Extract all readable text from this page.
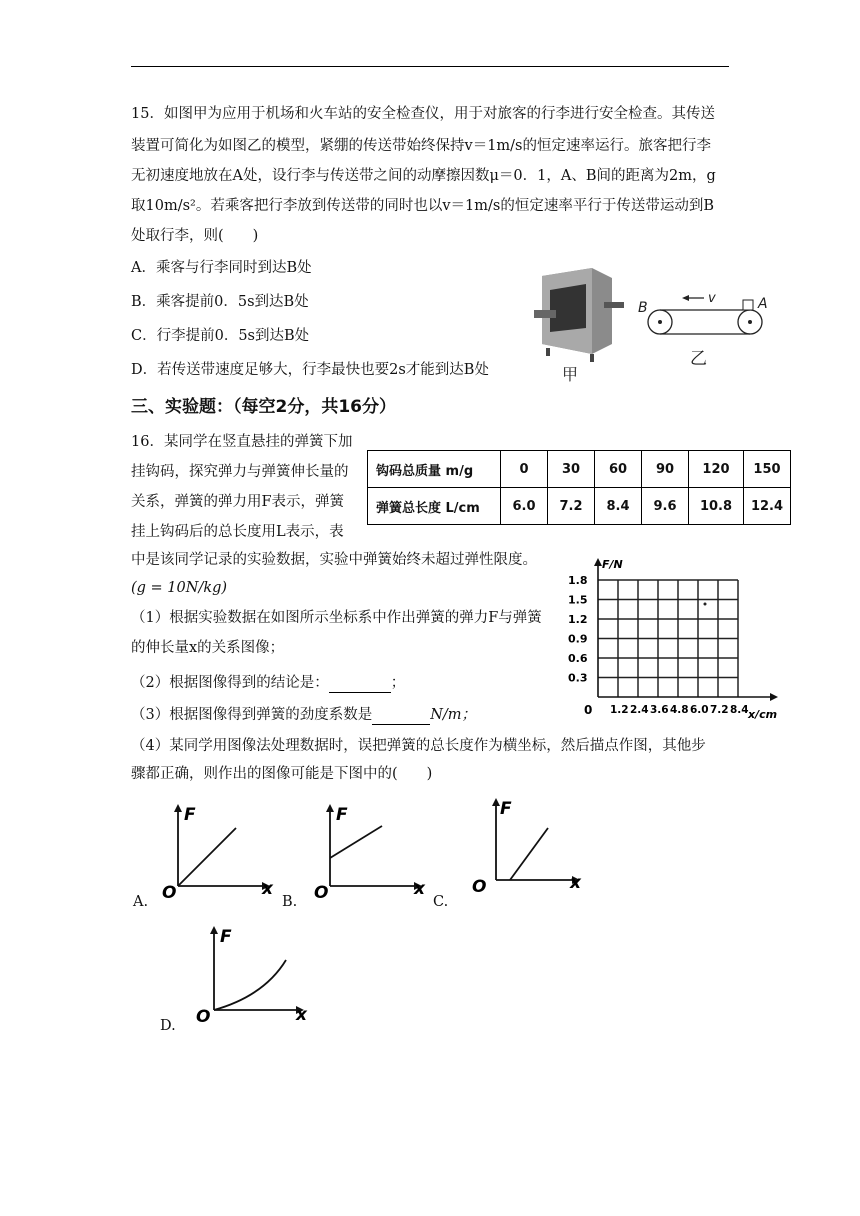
15．如图甲为应用于机场和火车站的安全检查仪，用于对旅客的行李进行安全检查。其传送
装置可简化为如图乙的模型，紧绷的传送带始终保持v＝1m/s的恒定速率运行。旅客把行李
无初速度地放在A处，设行李与传送带之间的动摩擦因数μ＝0．1，A、B间的距离为2m，g
取10m/s²。若乘客把行李放到传送带的同时也以v＝1m/s的恒定速率平行于传送带运动到B
处取行李，则(　　)
A．乘客与行李同时到达B处
B．乘客提前0．5s到达B处
C．行李提前0．5s到达B处
D．若传送带速度足够大，行李最快也要2s才能到达B处	甲
v
B	A
乙
三、实验题：（每空2分，共16分）
16．某同学在竖直悬挂的弹簧下加
挂钩码，探究弹力与弹簧伸长量的
关系，弹簧的弹力用F表示，弹簧
挂上钩码后的总长度用L表示，表
中是该同学记录的实验数据，实验中弹簧始终未超过弹性限度。
(g = 10N/kg)
钩码总质量 m/g	0	30	60	90	120	150
弹簧总长度 L/cm	6.0	7.2	8.4	9.6	10.8	12.4
（1）根据实验数据在如图所示坐标系中作出弹簧的弹力F与弹簧
的伸长量x的关系图像；
（2）根据图像得到的结论是：	；
（3）根据图像得到弹簧的劲度系数是	N/m；
（4）某同学用图像法处理数据时，误把弹簧的总长度作为横坐标，然后描点作图，其他步
骤都正确，则作出的图像可能是下图中的(　　)
F/N
x/cm
0
0.3
0.6
0.9
1.2
1.5
1.8
1.2 2.4 3.6 4.8 6.0 7.2 8.4
A.
F
O	x
B.
F
O	x
C.
F
O	x
D.
F
O	x
